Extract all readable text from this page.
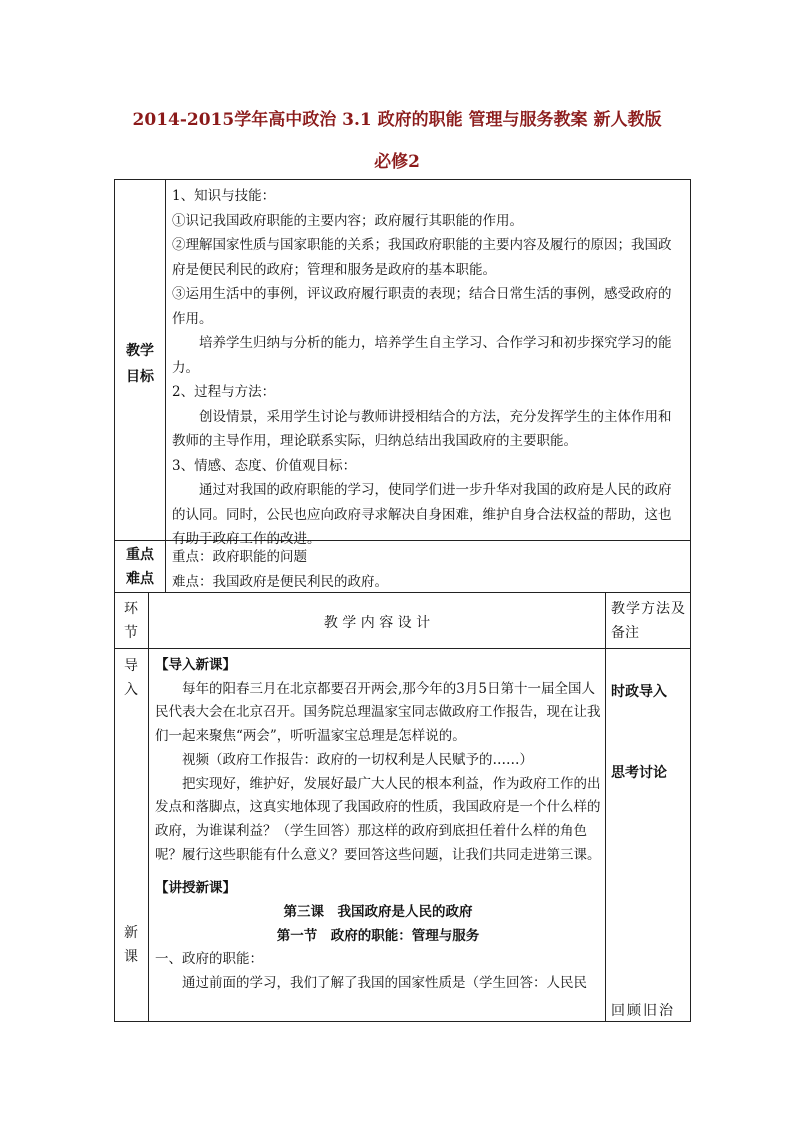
2014-2015学年高中政治 3.1 政府的职能 管理与服务教案 新人教版
必修2
教学目标

1、知识与技能：

①识记我国政府职能的主要内容；政府履行其职能的作用。

②理解国家性质与国家职能的关系；我国政府职能的主要内容及履行的原因；我国政府是便民利民的政府；管理和服务是政府的基本职能。

③运用生活中的事例，评议政府履行职责的表现；结合日常生活的事例，感受政府的作用。

培养学生归纳与分析的能力，培养学生自主学习、合作学习和初步探究学习的能力。

2、过程与方法：

创设情景，采用学生讨论与教师讲授相结合的方法，充分发挥学生的主体作用和教师的主导作用，理论联系实际，归纳总结出我国政府的主要职能。

3、情感、态度、价值观目标：

通过对我国的政府职能的学习，使同学们进一步升华对我国的政府是人民的政府的认同。同时，公民也应向政府寻求解决自身困难，维护自身合法权益的帮助，这也有助于政府工作的改进。

重点难点

重点：政府职能的问题

难点：我国政府是便民利民的政府。

环节
教 学 内 容 设 计
教学方法及备注
导入
新课

【导入新课】

每年的阳春三月在北京都要召开两会,那今年的3月5日第十一届全国人民代表大会在北京召开。国务院总理温家宝同志做政府工作报告，现在让我们一起来聚焦“两会”，听听温家宝总理是怎样说的。

视频（政府工作报告：政府的一切权利是人民赋予的……）

把实现好，维护好，发展好最广大人民的根本利益，作为政府工作的出发点和落脚点，这真实地体现了我国政府的性质，我国政府是一个什么样的政府，为谁谋利益？（学生回答）那这样的政府到底担任着什么样的角色呢？履行这些职能有什么意义？要回答这些问题，让我们共同走进第三课。

【讲授新课】

第三课　我国政府是人民的政府

第一节　政府的职能：管理与服务

一、政府的职能：

通过前面的学习，我们了解了我国的国家性质是（学生回答：人民民

时政导入
思考讨论
回顾旧治
